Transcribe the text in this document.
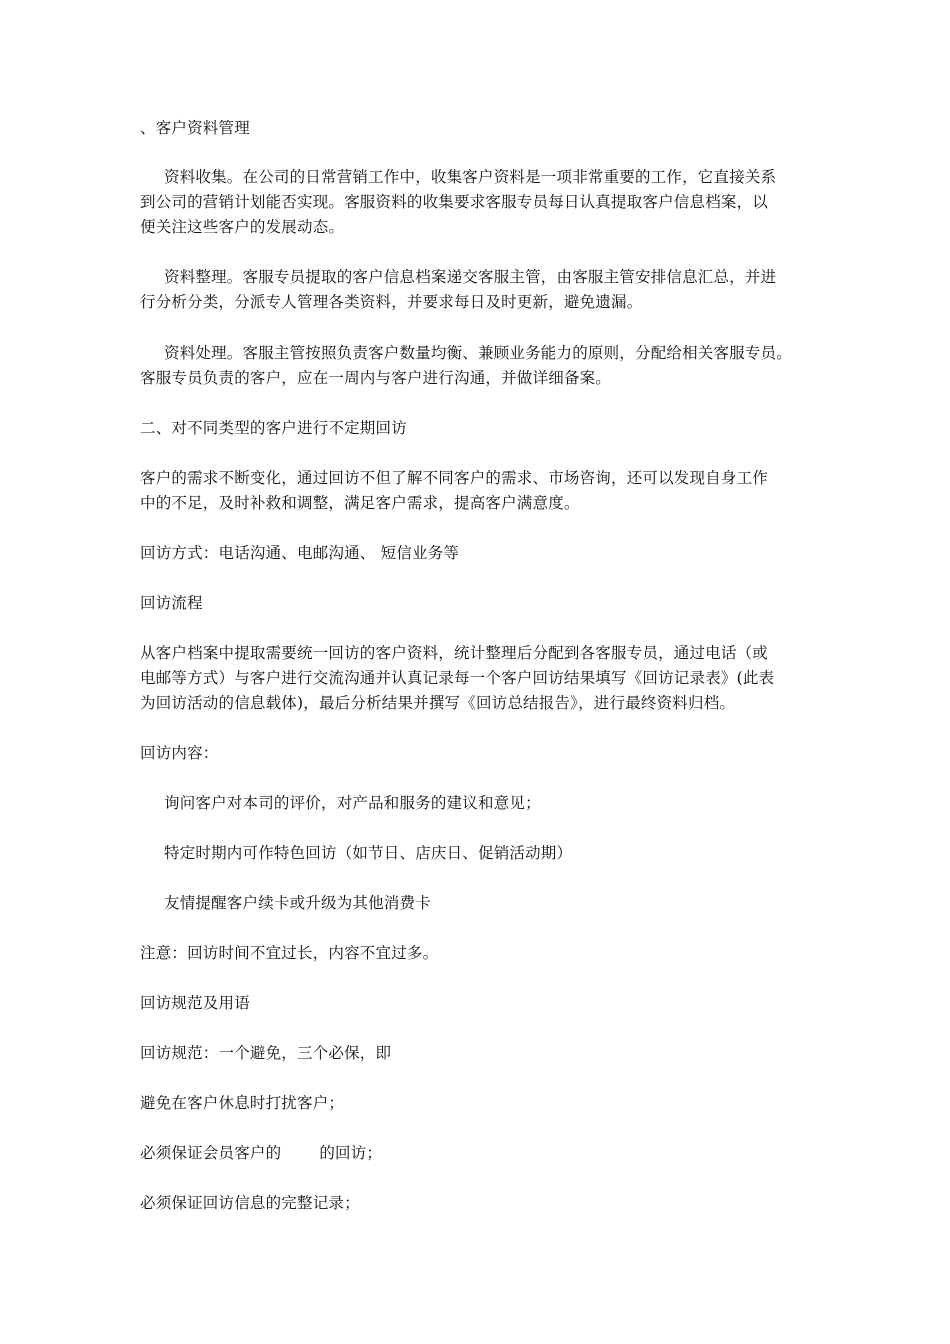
、客户资料管理
资料收集。在公司的日常营销工作中，收集客户资料是一项非常重要的工作，它直接关系
到公司的营销计划能否实现。客服资料的收集要求客服专员每日认真提取客户信息档案，以
便关注这些客户的发展动态。
资料整理。客服专员提取的客户信息档案递交客服主管，由客服主管安排信息汇总，并进
行分析分类，分派专人管理各类资料，并要求每日及时更新，避免遗漏。
资料处理。客服主管按照负责客户数量均衡、兼顾业务能力的原则，分配给相关客服专员。
客服专员负责的客户，应在一周内与客户进行沟通，并做详细备案。
二、对不同类型的客户进行不定期回访
客户的需求不断变化，通过回访不但了解不同客户的需求、市场咨询，还可以发现自身工作
中的不足，及时补救和调整，满足客户需求，提高客户满意度。
回访方式：电话沟通、电邮沟通、 短信业务等
回访流程
从客户档案中提取需要统一回访的客户资料，统计整理后分配到各客服专员，通过电话（或
电邮等方式）与客户进行交流沟通并认真记录每一个客户回访结果填写《回访记录表》(此表
为回访活动的信息载体)，最后分析结果并撰写《回访总结报告》，进行最终资料归档。
回访内容：
询问客户对本司的评价，对产品和服务的建议和意见；
特定时期内可作特色回访（如节日、店庆日、促销活动期）
友情提醒客户续卡或升级为其他消费卡
注意：回访时间不宜过长，内容不宜过多。
回访规范及用语
回访规范：一个避免，三个必保，即
避免在客户休息时打扰客户；
必须保证会员客户的 的回访；
必须保证回访信息的完整记录；
